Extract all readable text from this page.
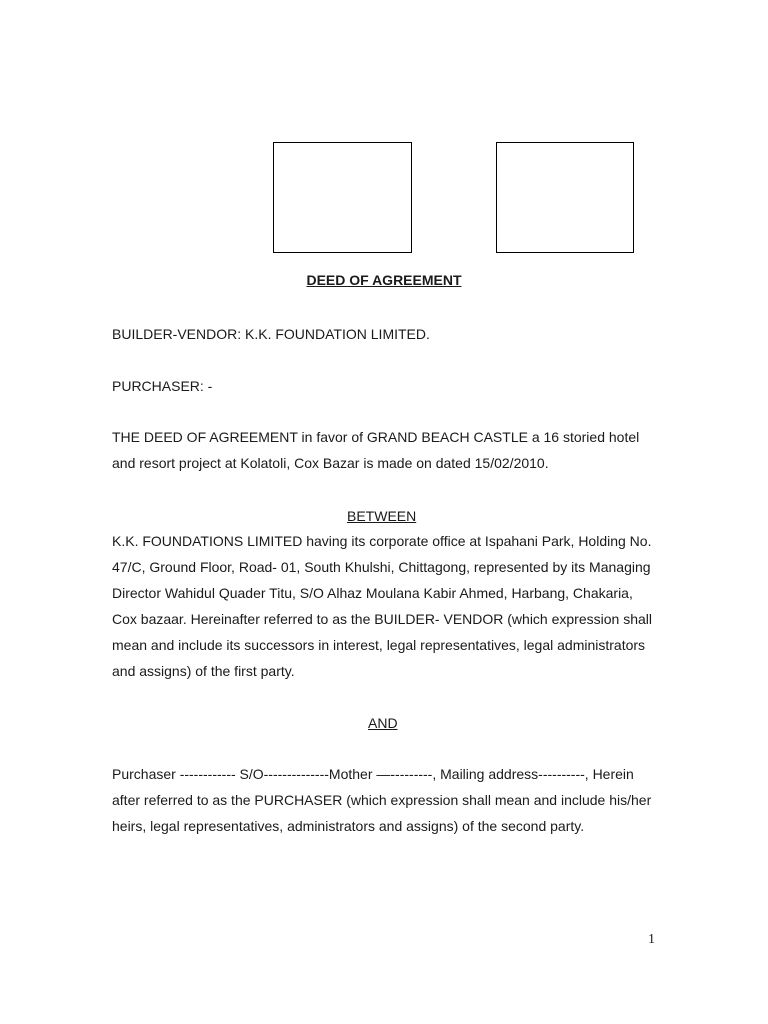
DEED OF AGREEMENT
BUILDER-VENDOR: K.K. FOUNDATION LIMITED.
PURCHASER: -
THE DEED OF AGREEMENT in favor of GRAND BEACH CASTLE a 16 storied hotel and resort project at Kolatoli, Cox Bazar is made on dated 15/02/2010.
BETWEEN
K.K. FOUNDATIONS LIMITED having its corporate office at Ispahani Park, Holding No. 47/C, Ground Floor, Road- 01, South Khulshi, Chittagong, represented by its Managing Director Wahidul Quader Titu, S/O Alhaz Moulana Kabir Ahmed, Harbang, Chakaria, Cox bazaar. Hereinafter referred to as the BUILDER- VENDOR (which expression shall mean and include its successors in interest, legal representatives, legal administrators and assigns) of the first party.
AND
Purchaser ------------ S/O--------------Mother —---------, Mailing address----------, Herein after referred to as the PURCHASER (which expression shall mean and include his/her heirs, legal representatives, administrators and assigns) of the second party.
1
